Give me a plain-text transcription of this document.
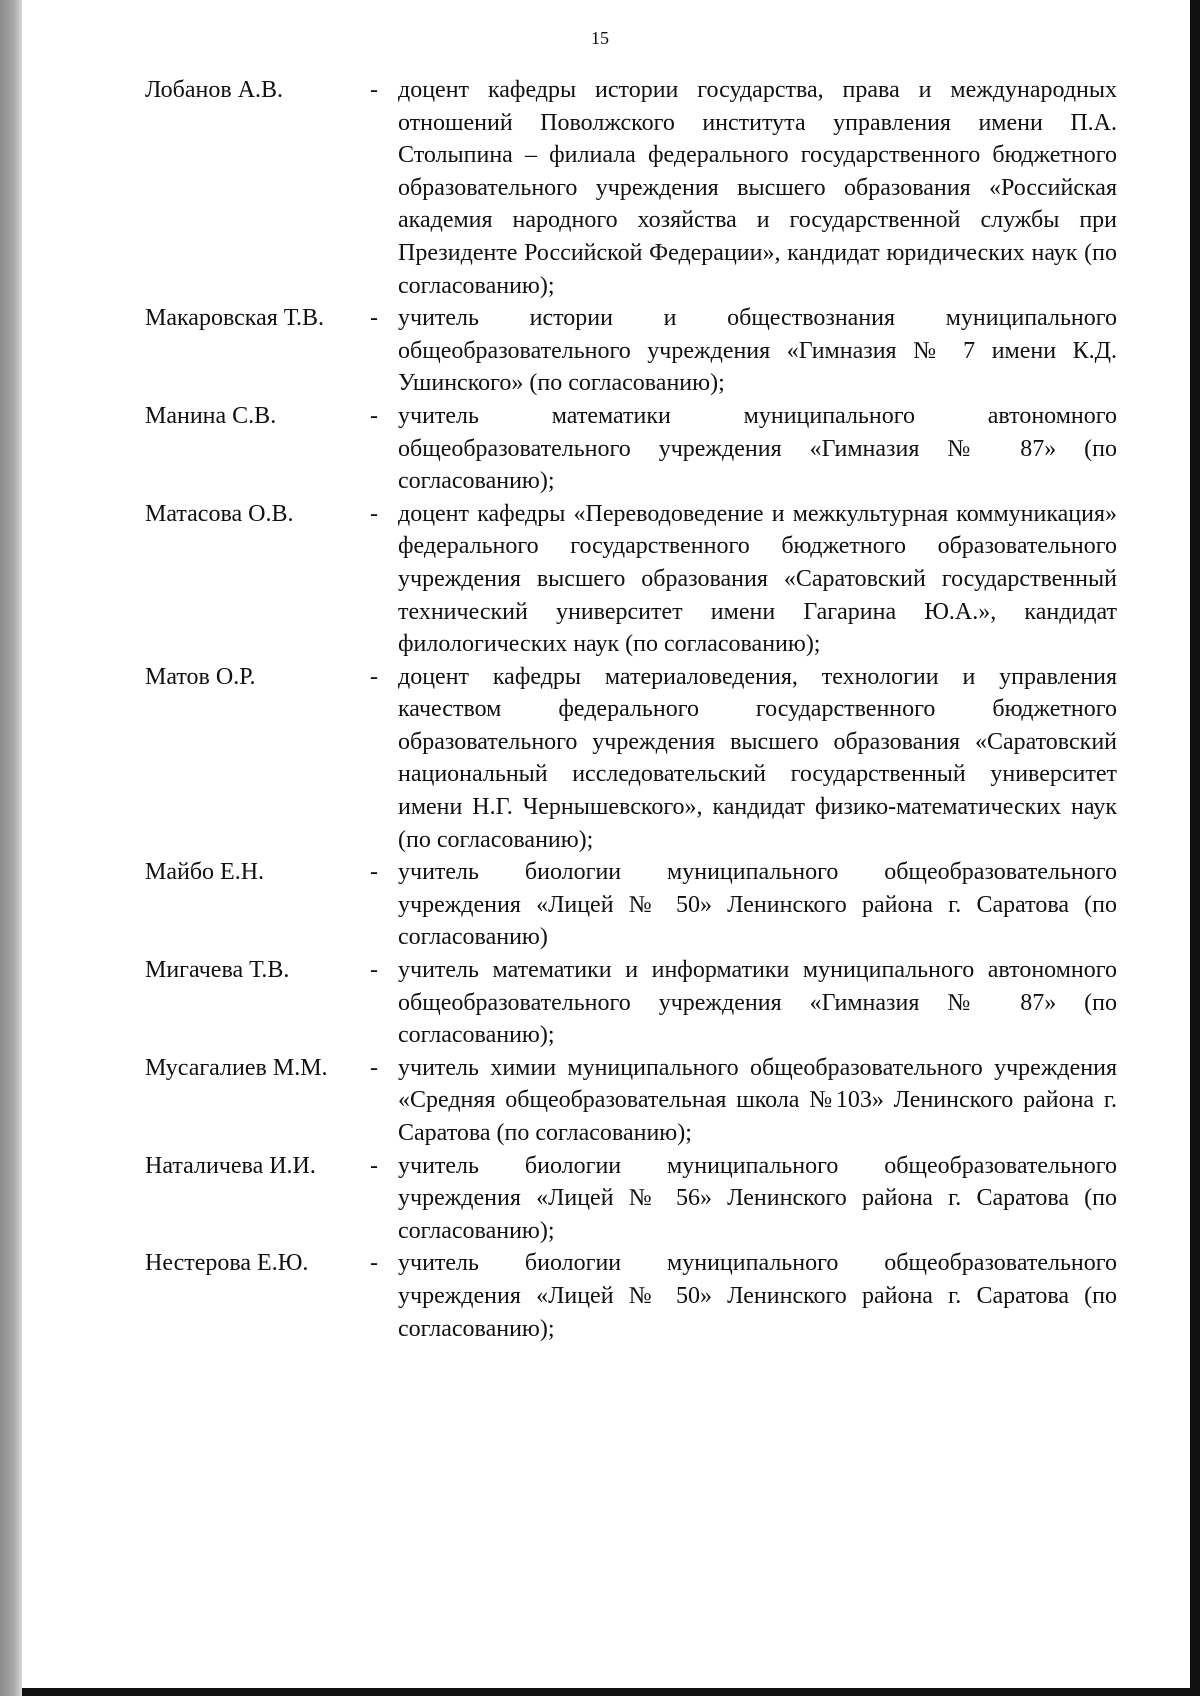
15
Лобанов А.В.	- доцент кафедры истории государства, права и международных отношений Поволжского института управления имени П.А. Столыпина – филиала федерального государственного бюджетного образовательного учреждения высшего образования «Российская академия народного хозяйства и государственной службы при Президенте Российской Федерации», кандидат юридических наук (по согласованию);
Макаровская Т.В.	- учитель истории и обществознания муниципального общеобразовательного учреждения «Гимназия № 7 имени К.Д. Ушинского» (по согласованию);
Манина С.В.	- учитель математики муниципального автономного общеобразовательного учреждения «Гимназия № 87» (по согласованию);
Матасова О.В.	- доцент кафедры «Переводоведение и межкультурная коммуникация» федерального государственного бюджетного образовательного учреждения высшего образования «Саратовский государственный технический университет имени Гагарина Ю.А.», кандидат филологических наук (по согласованию);
Матов О.Р.	- доцент кафедры материаловедения, технологии и управления качеством федерального государственного бюджетного образовательного учреждения высшего образования «Саратовский национальный исследовательский государственный университет имени Н.Г. Чернышевского», кандидат физико-математических наук (по согласованию);
Майбо Е.Н.	- учитель биологии муниципального общеобразовательного учреждения «Лицей № 50» Ленинского района г. Саратова (по согласованию)
Мигачева Т.В.	- учитель математики и информатики муниципального автономного общеобразовательного учреждения «Гимназия № 87» (по согласованию);
Мусагалиев М.М.	- учитель химии муниципального общеобразовательного учреждения «Средняя общеобразовательная школа №103» Ленинского района г. Саратова (по согласованию);
Наталичева И.И.	- учитель биологии муниципального общеобразовательного учреждения «Лицей № 56» Ленинского района г. Саратова (по согласованию);
Нестерова Е.Ю.	- учитель биологии муниципального общеобразовательного учреждения «Лицей № 50» Ленинского района г. Саратова (по согласованию);
